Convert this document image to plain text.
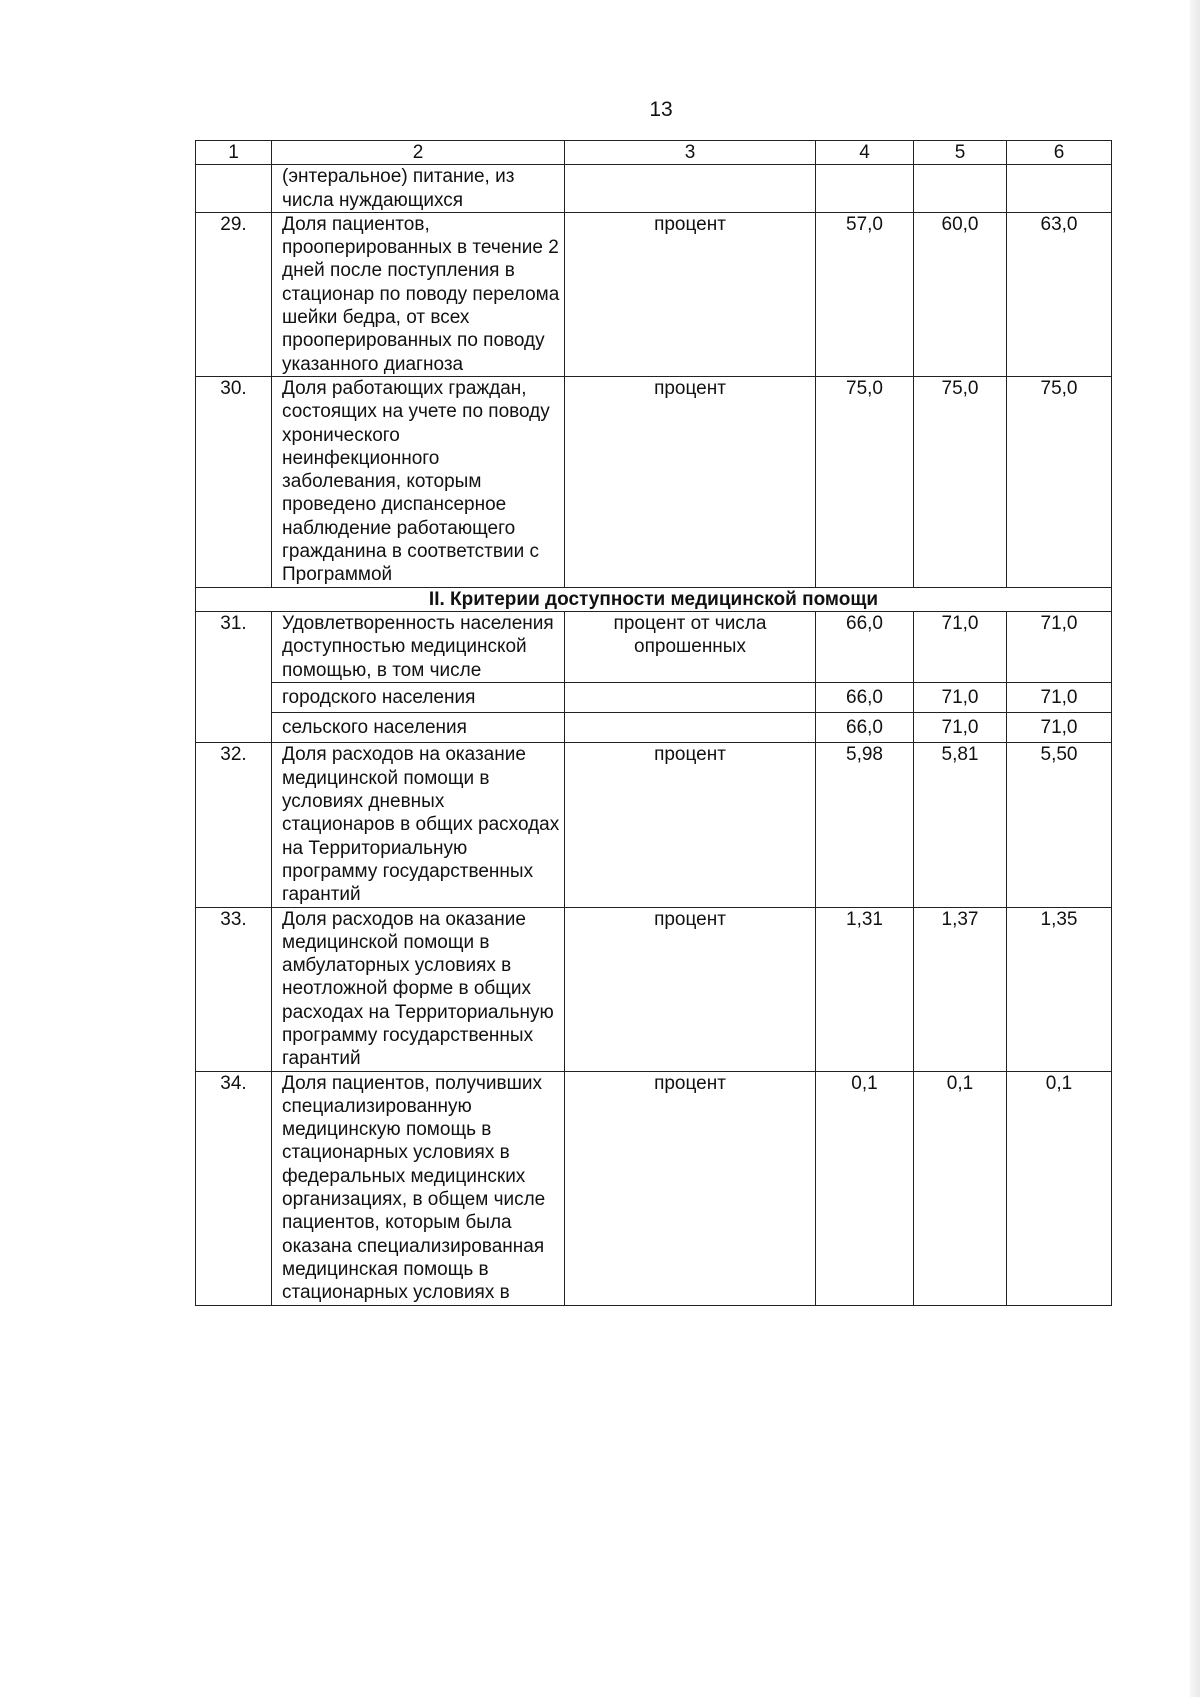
13
1	2	3	4	5	6
	(энтеральное) питание, из числа нуждающихся				
29.	Доля пациентов, прооперированных в течение 2 дней после поступления в стационар по поводу перелома шейки бедра, от всех прооперированных по поводу указанного диагноза	процент	57,0	60,0	63,0
30.	Доля работающих граждан, состоящих на учете по поводу хронического неинфекционного заболевания, которым проведено диспансерное наблюдение работающего гражданина в соответствии с Программой	процент	75,0	75,0	75,0
II. Критерии доступности медицинской помощи					
31.	Удовлетворенность населения доступностью медицинской помощью, в том числе	процент от числа опрошенных	66,0	71,0	71,0
	городского населения		66,0	71,0	71,0
	сельского населения		66,0	71,0	71,0
32.	Доля расходов на оказание медицинской помощи в условиях дневных стационаров в общих расходах на Территориальную программу государственных гарантий	процент	5,98	5,81	5,50
33.	Доля расходов на оказание медицинской помощи в амбулаторных условиях в неотложной форме в общих расходах на Территориальную программу государственных гарантий	процент	1,31	1,37	1,35
34.	Доля пациентов, получивших специализированную медицинскую помощь в стационарных условиях в федеральных медицинских организациях, в общем числе пациентов, которым была оказана специализированная медицинская помощь в стационарных условиях в	процент	0,1	0,1	0,1
